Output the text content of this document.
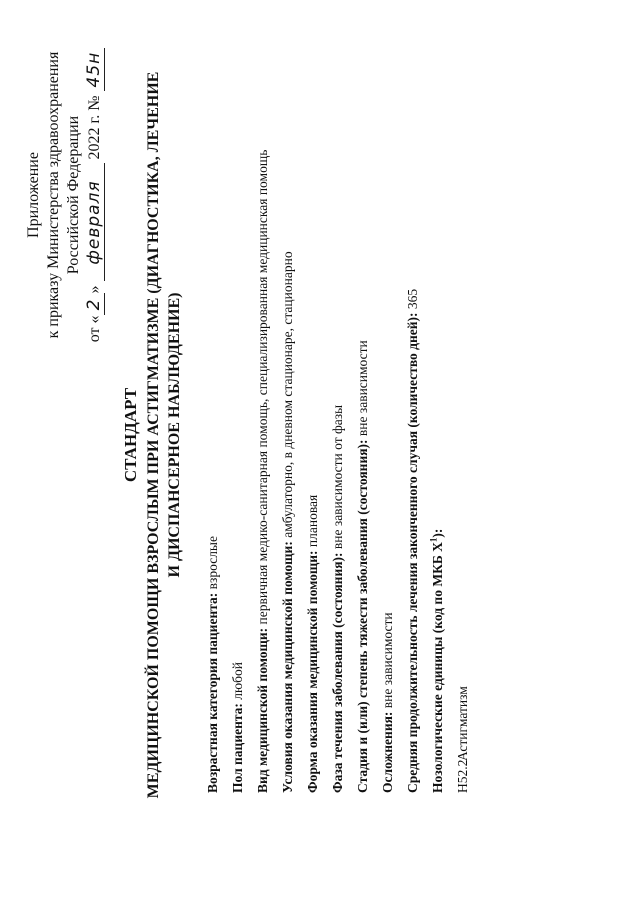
Приложение к приказу Министерства здравоохранения Российской Федерации
от «2» февраля 2022 г. № 45н
СТАНДАРТ МЕДИЦИНСКОЙ ПОМОЩИ ВЗРОСЛЫМ ПРИ АСТИГМАТИЗМЕ (ДИАГНОСТИКА, ЛЕЧЕНИЕ И ДИСПАНСЕРНОЕ НАБЛЮДЕНИЕ)
Возрастная категория пациента: взрослые
Пол пациента: любой Вид медицинской помощи: первичная медико-санитарная помощь, специализированная медицинская помощь
Условия оказания медицинской помощи: амбулаторно, в дневном стационаре, стационарно
Форма оказания медицинской помощи: плановая
Фаза течения заболевания (состояния): вне зависимости от фазы Стадия и (или) степень тяжести заболевания (состояния): вне зависимости
Осложнения: вне зависимости Средняя продолжительность лечения законченного случая (количество дней): 365
Нозологические единицы (код по МКБ $X^1$):
H52.2Астигматизм
